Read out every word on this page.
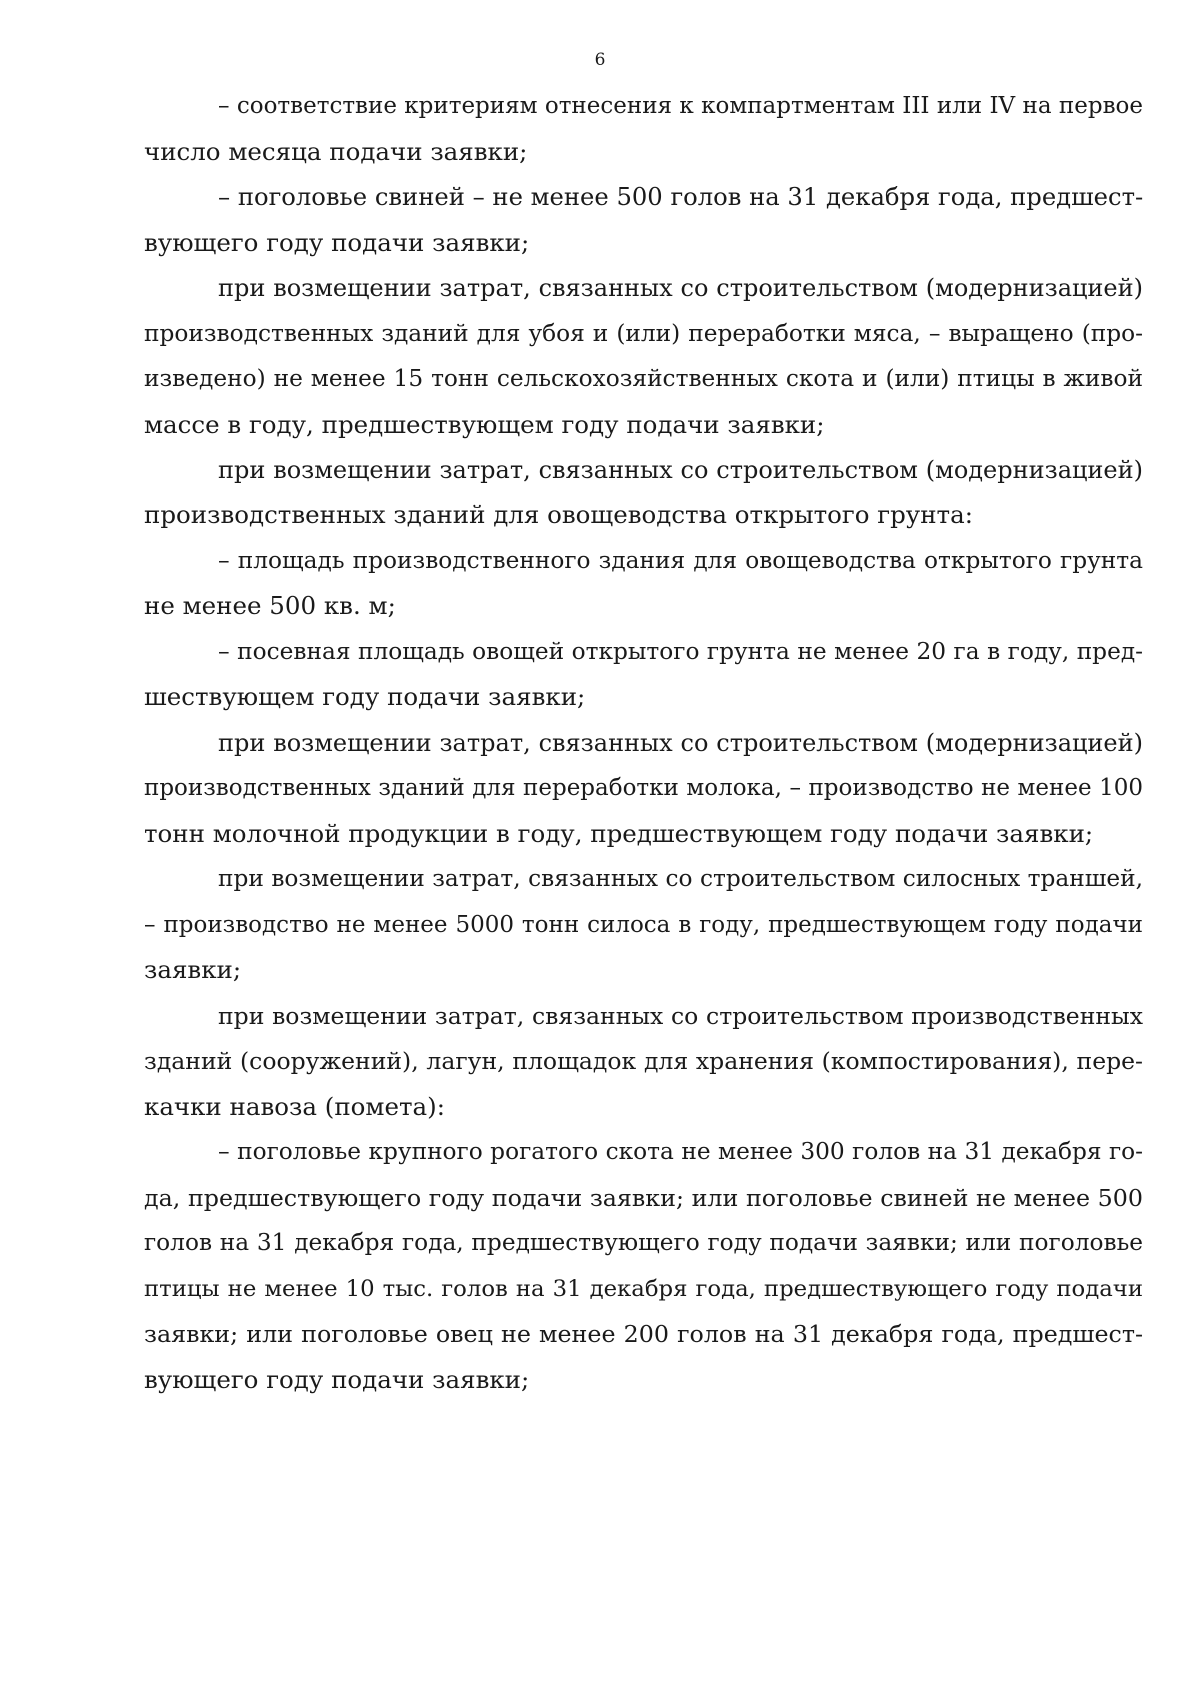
6
– соответствие критериям отнесения к компартментам III или IV на первое
число месяца подачи заявки;
– поголовье свиней – не менее 500 голов на 31 декабря года, предшест-
вующего году подачи заявки;
при возмещении затрат, связанных со строительством (модернизацией)
производственных зданий для убоя и (или) переработки мяса, – выращено (про-
изведено) не менее 15 тонн сельскохозяйственных скота и (или) птицы в живой
массе в году, предшествующем году подачи заявки;
при возмещении затрат, связанных со строительством (модернизацией)
производственных зданий для овощеводства открытого грунта:
– площадь производственного здания для овощеводства открытого грунта
не менее 500 кв. м;
– посевная площадь овощей открытого грунта не менее 20 га в году, пред-
шествующем году подачи заявки;
при возмещении затрат, связанных со строительством (модернизацией)
производственных зданий для переработки молока, – производство не менее 100
тонн молочной продукции в году, предшествующем году подачи заявки;
при возмещении затрат, связанных со строительством силосных траншей,
– производство не менее 5000 тонн силоса в году, предшествующем году подачи
заявки;
при возмещении затрат, связанных со строительством производственных
зданий (сооружений), лагун, площадок для хранения (компостирования), пере-
качки навоза (помета):
– поголовье крупного рогатого скота не менее 300 голов на 31 декабря го-
да, предшествующего году подачи заявки; или поголовье свиней не менее 500
голов на 31 декабря года, предшествующего году подачи заявки; или поголовье
птицы не менее 10 тыс. голов на 31 декабря года, предшествующего году подачи
заявки; или поголовье овец не менее 200 голов на 31 декабря года, предшест-
вующего году подачи заявки;
